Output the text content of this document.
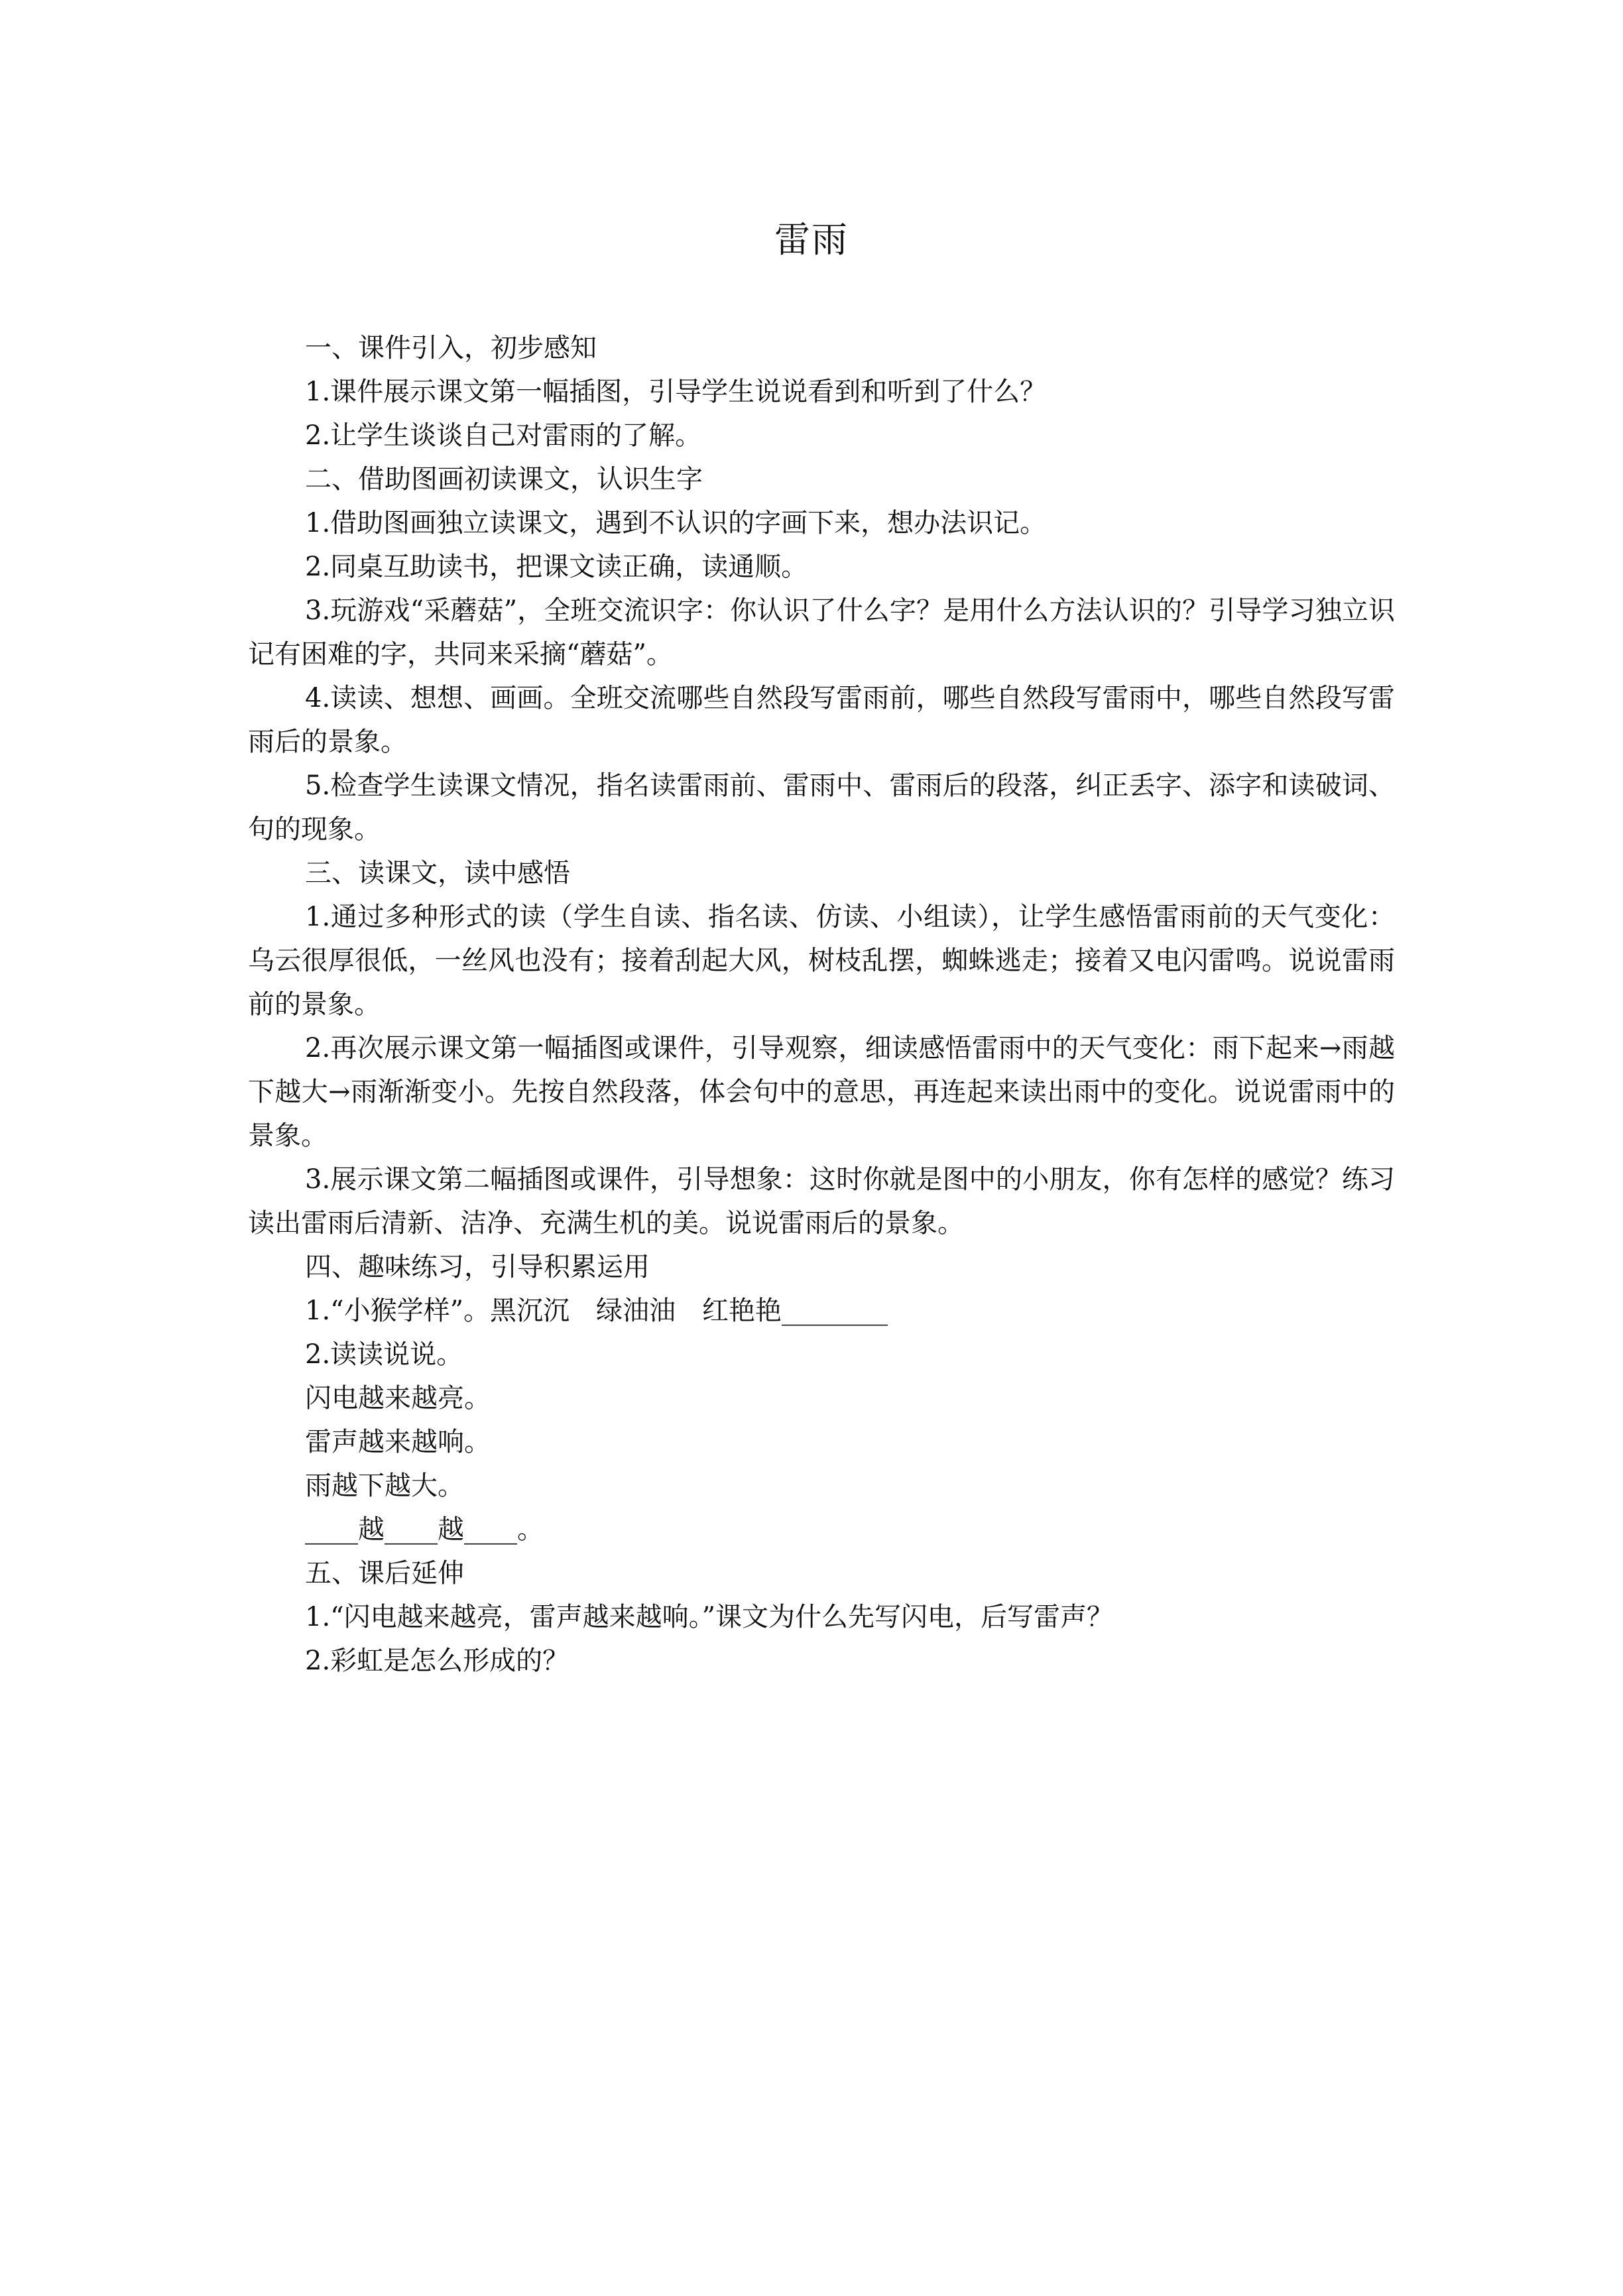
雷雨

一、课件引入，初步感知

1.课件展示课文第一幅插图，引导学生说说看到和听到了什么？

2.让学生谈谈自己对雷雨的了解。

二、借助图画初读课文，认识生字

1.借助图画独立读课文，遇到不认识的字画下来，想办法识记。

2.同桌互助读书，把课文读正确，读通顺。

3.玩游戏“采蘑菇”，全班交流识字：你认识了什么字？是用什么方法认识的？引导学习独立识记有困难的字，共同来采摘“蘑菇”。

4.读读、想想、画画。全班交流哪些自然段写雷雨前，哪些自然段写雷雨中，哪些自然段写雷雨后的景象。

5.检查学生读课文情况，指名读雷雨前、雷雨中、雷雨后的段落，纠正丢字、添字和读破词、句的现象。

三、读课文，读中感悟

1.通过多种形式的读（学生自读、指名读、仿读、小组读），让学生感悟雷雨前的天气变化：乌云很厚很低，一丝风也没有；接着刮起大风，树枝乱摆，蜘蛛逃走；接着又电闪雷鸣。说说雷雨前的景象。

2.再次展示课文第一幅插图或课件，引导观察，细读感悟雷雨中的天气变化：雨下起来→雨越下越大→雨渐渐变小。先按自然段落，体会句中的意思，再连起来读出雨中的变化。说说雷雨中的景象。

3.展示课文第二幅插图或课件，引导想象：这时你就是图中的小朋友，你有怎样的感觉？练习读出雷雨后清新、洁净、充满生机的美。说说雷雨后的景象。

四、趣味练习，引导积累运用

1.“小猴学样”。黑沉沉　绿油油　红艳艳________

2.读读说说。

闪电越来越亮。

雷声越来越响。

雨越下越大。

____越____越____。

五、课后延伸

1.“闪电越来越亮，雷声越来越响。”课文为什么先写闪电，后写雷声？

2.彩虹是怎么形成的？
